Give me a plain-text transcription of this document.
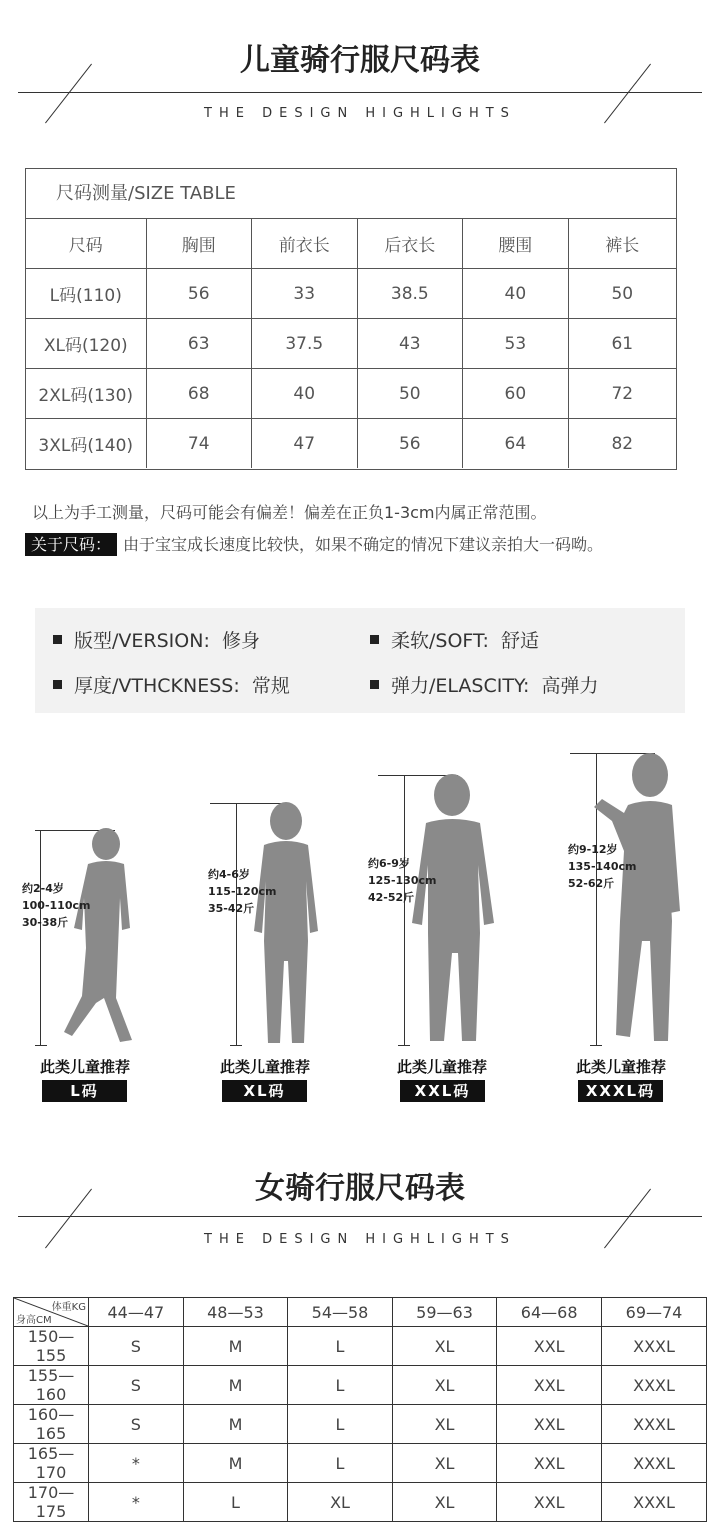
儿童骑行服尺码表
THE DESIGN HIGHLIGHTS
尺码测量/SIZE TABLE
尺码	胸围	前衣长	后衣长	腰围	裤长
L码(110)	56	33	38.5	40	50
XL码(120)	63	37.5	43	53	61
2XL码(130)	68	40	50	60	72
3XL码(140)	74	47	56	64	82
以上为手工测量，尺码可能会有偏差！偏差在正负1-3cm内属正常范围。
关于尺码： 由于宝宝成长速度比较快，如果不确定的情况下建议亲拍大一码呦。
版型/VERSION: 修身	柔软/SOFT: 舒适
厚度/VTHCKNESS: 常规	弹力/ELASCITY: 高弹力
约2-4岁
100-110cm
30-38斤
此类儿童推荐
L码
约4-6岁
115-120cm
35-42斤
此类儿童推荐
XL码
约6-9岁
125-130cm
42-52斤
此类儿童推荐
XXL码
约9-12岁
135-140cm
52-62斤
此类儿童推荐
XXXL码
女骑行服尺码表
THE DESIGN HIGHLIGHTS
体重KG
身高CM	44—47	48—53	54—58	59—63	64—68	69—74
150—155	S	M	L	XL	XXL	XXXL
155—160	S	M	L	XL	XXL	XXXL
160—165	S	M	L	XL	XXL	XXXL
165—170	*	M	L	XL	XXL	XXXL
170—175	*	L	XL	XL	XXL	XXXL
